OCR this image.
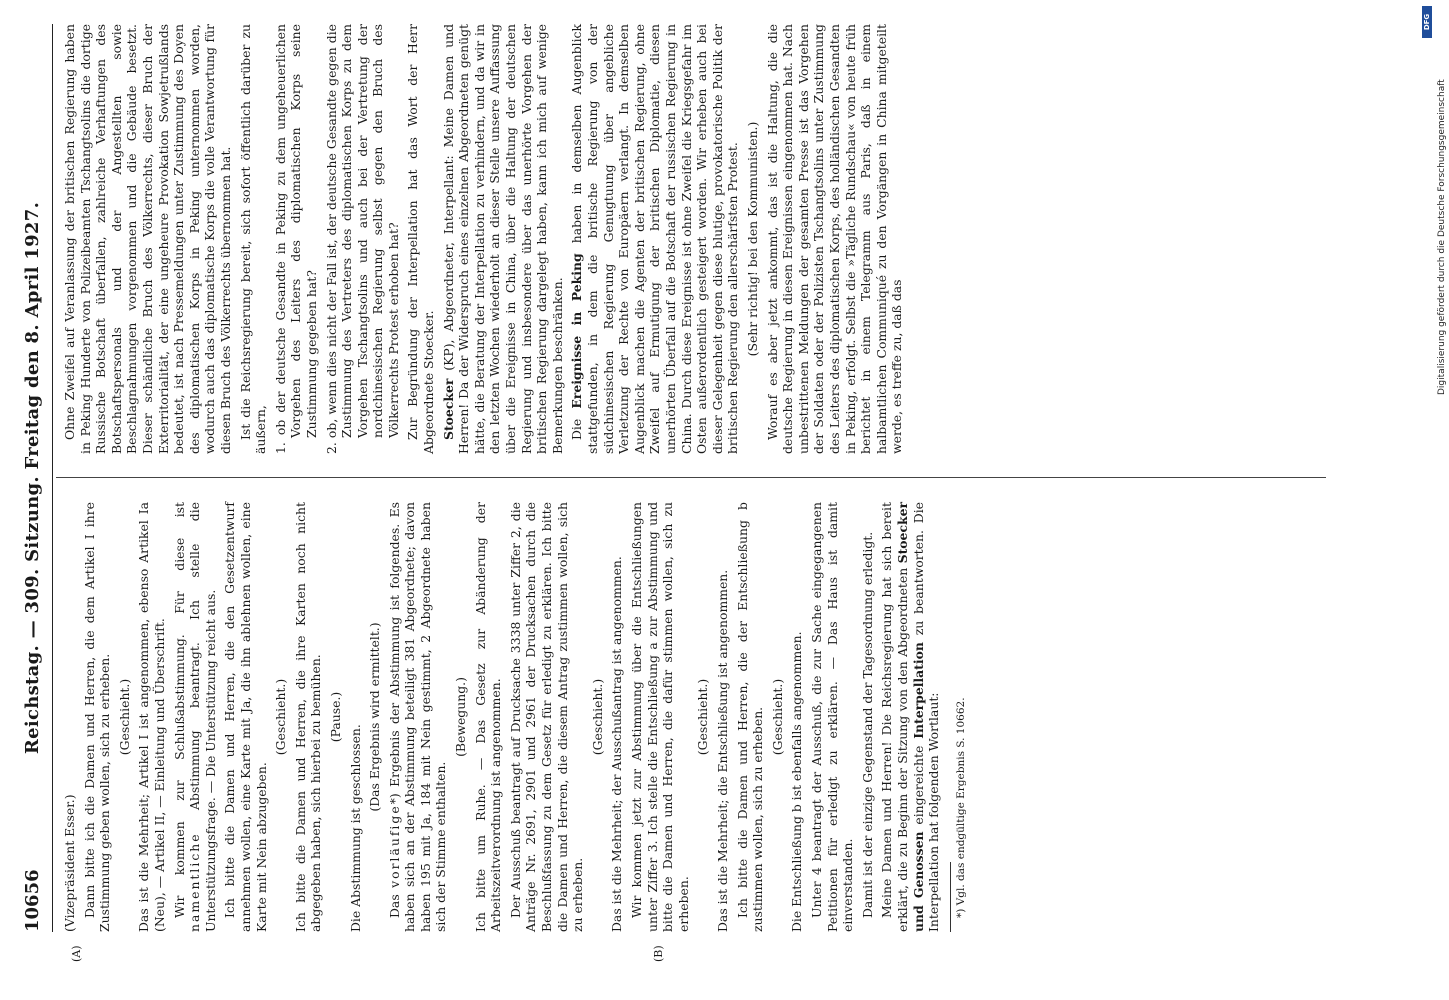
10656
Reichstag. — 309. Sitzung. Freitag den 8. April 1927.
(A)	(B)

(Vizepräsident Esser.) Dann bitte ich die Damen und Herren, die dem Artikel I ihre Zustimmung geben wollen, sich zu erheben. (Geschieht.) Das ist die Mehrheit; Artikel I ist angenommen, ebenso Artikel Ia (Neu), — Artikel II, — Einleitung und Überschrift. Wir kommen zur Schlußabstimmung. Für diese ist namentliche Abstimmung beantragt. Ich stelle die Unterstützungsfrage. — Die Unterstützung reicht aus. Ich bitte die Damen und Herren, die den Gesetzentwurf annehmen wollen, eine Karte mit Ja, die ihn ablehnen wollen, eine Karte mit Nein abzugeben.

(Geschieht.) Ich bitte die Damen und Herren, die ihre Karten noch nicht abgegeben haben, sich hierbei zu bemühen. (Pause.)

Die Abstimmung ist geschlossen.

(Das Ergebnis wird ermittelt.)

Das vorläufige*) Ergebnis der Abstimmung ist folgendes. Es haben sich an der Abstimmung beteiligt 381 Abgeordnete; davon haben 195 mit Ja, 184 mit Nein gestimmt, 2 Abgeordnete haben sich der Stimme enthalten.

(Bewegung.) Ich bitte um Ruhe. — Das Gesetz zur Abänderung der Arbeitszeitverordnung ist angenommen. Der Ausschuß beantragt auf Drucksache 3338 unter Ziffer 2, die Anträge Nr. 2691, 2901 und 2961 der Drucksachen durch die Beschlußfassung zu dem Gesetz für erledigt zu erklären. Ich bitte die Damen und Herren, die diesem Antrag zustimmen wollen, sich zu erheben.

(Geschieht.) Das ist die Mehrheit; der Ausschußantrag ist angenommen. Wir kommen jetzt zur Abstimmung über die Entschließungen unter Ziffer 3. Ich stelle die Entschließung a zur Abstimmung und bitte die Damen und Herren, die dafür stimmen wollen, sich zu erheben.

(Geschieht.) Das ist die Mehrheit; die Entschließung ist angenommen. Ich bitte die Damen und Herren, die der Entschließung b zustimmen wollen, sich zu erheben. (Geschieht.) Die Entschließung b ist ebenfalls angenommen. Unter 4 beantragt der Ausschuß, die zur Sache eingegangenen Petitionen für erledigt zu erklären. — Das Haus ist damit einverstanden. Damit ist der einzige Gegenstand der Tagesordnung erledigt. Meine Damen und Herren! Die Reichsregierung hat sich bereit erklärt, die zu Beginn der Sitzung von den Abgeordneten Stoecker und Genossen eingereichte Interpellation zu beantworten. Die Interpellation hat folgenden Wortlaut: *) Vgl. das endgültige Ergebnis S. 10662.

Ohne Zweifel auf Veranlassung der britischen Regierung haben in Peking Hunderte von Polizeibeamten Tschangtsolins die dortige Russische Botschaft überfallen, zahlreiche Verhaftungen des Botschaftspersonals und der Angestellten sowie Beschlagnahmungen vorgenommen und die Gebäude besetzt. Dieser schändliche Bruch des Völkerrechts, dieser Bruch der Exterritorialität, der eine ungeheure Provokation Sowjetrußlands bedeutet, ist nach Pressemeldungen unter Zustimmung des Doyen des diplomatischen Korps in Peking unternommen worden, wodurch auch das diplomatische Korps die volle Verantwortung für diesen Bruch des Völkerrechts übernommen hat. Ist die Reichsregierung bereit, sich sofort öffentlich darüber zu äußern, 1. ob der deutsche Gesandte in Peking zu dem ungeheuerlichen Vorgehen des Leiters des diplomatischen Korps seine Zustimmung gegeben hat?

2. ob, wenn dies nicht der Fall ist, der deutsche Gesandte gegen die Zustimmung des Vertreters des diplomatischen Korps zu dem Vorgehen Tschangtsolins und auch bei der Vertretung der nordchinesischen Regierung selbst gegen den Bruch des Völkerrechts Protest erhoben hat? Zur Begründung der Interpellation hat das Wort der Herr Abgeordnete Stoecker. Stoecker (KP), Abgeordneter, Interpellant: Meine Damen und Herren! Da der Widerspruch eines einzelnen Abgeordneten genügt hätte, die Beratung der Interpellation zu verhindern, und da wir in den letzten Wochen wiederholt an dieser Stelle unsere Auffassung über die Ereignisse in China, über die Haltung der deutschen Regierung und insbesondere über das unerhörte Vorgehen der britischen Regierung dargelegt haben, kann ich mich auf wenige Bemerkungen beschränken. Die Ereignisse in Peking haben in demselben Augenblick stattgefunden, in dem die britische Regierung von der südchinesischen Regierung Genugtuung über angebliche Verletzung der Rechte von Europäern verlangt. In demselben Augenblick machen die Agenten der britischen Regierung, ohne Zweifel auf Ermutigung der britischen Diplomatie, diesen unerhörten Überfall auf die Botschaft der russischen Regierung in China. Durch diese Ereignisse ist ohne Zweifel die Kriegsgefahr im Osten außerordentlich gesteigert worden. Wir erheben auch bei dieser Gelegenheit gegen diese blutige, provokatorische Politik der britischen Regierung den allerschärfsten Protest. (Sehr richtig! bei den Kommunisten.) Worauf es aber jetzt ankommt, das ist die Haltung, die die deutsche Regierung in diesen Ereignissen eingenommen hat. Nach unbestrittenen Meldungen der gesamten Presse ist das Vorgehen der Soldaten oder der Polizisten Tschangtsolins unter Zustimmung des Leiters des diplomatischen Korps, des holländischen Gesandten in Peking, erfolgt. Selbst die »Tägliche Rundschau« von heute früh berichtet in einem Telegramm aus Paris, daß in einem halbamtlichen Communiqué zu den Vorgängen in China mitgeteilt werde, es treffe zu, daß das

DFG
Digitalisierung gefördert durch die Deutsche Forschungsgemeinschaft
